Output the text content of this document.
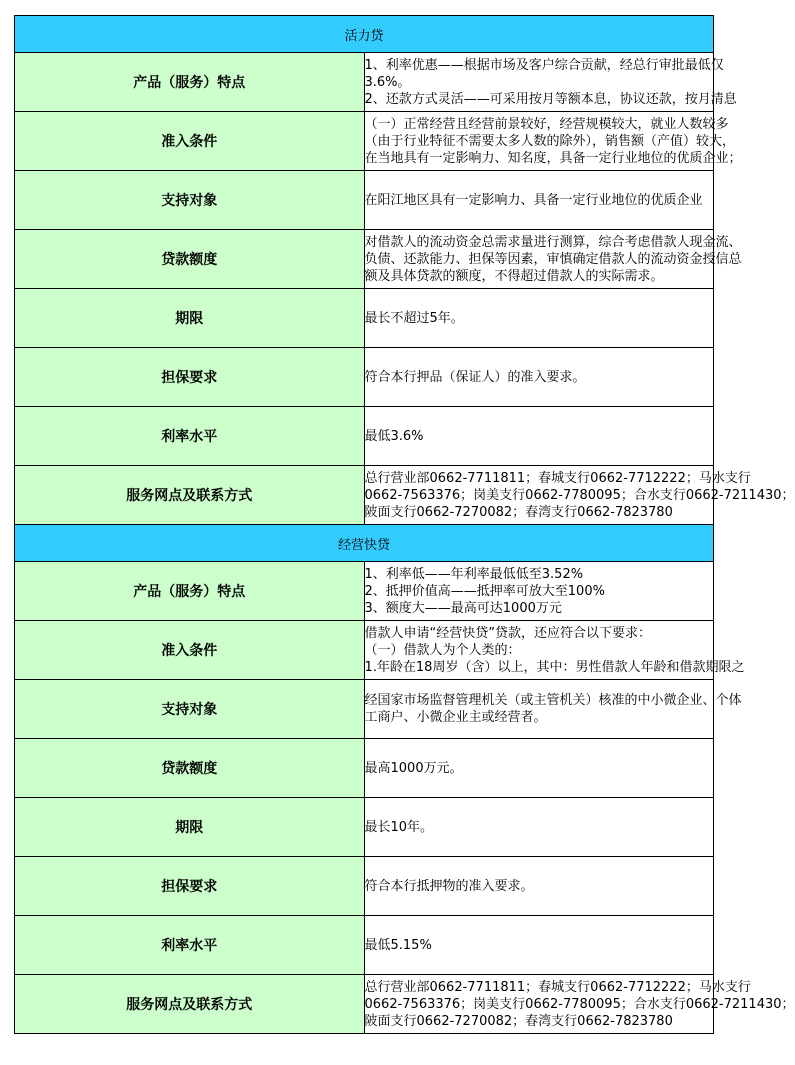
活力贷	
产品（服务）特点	1、利率优惠——根据市场及客户综合贡献，经总行审批最低仅
3.6%。
2、还款方式灵活——可采用按月等额本息，协议还款，按月清息

准入条件	（一）正常经营且经营前景较好，经营规模较大，就业人数较多
（由于行业特征不需要太多人数的除外），销售额（产值）较大，
在当地具有一定影响力、知名度，具备一定行业地位的优质企业；

支持对象	在阳江地区具有一定影响力、具备一定行业地位的优质企业

贷款额度	对借款人的流动资金总需求量进行测算，综合考虑借款人现金流、
负债、还款能力、担保等因素，审慎确定借款人的流动资金授信总
额及具体贷款的额度，不得超过借款人的实际需求。

期限	最长不超过5年。

担保要求	符合本行押品（保证人）的准入要求。

利率水平	最低3.6%

服务网点及联系方式	总行营业部0662-7711811；春城支行0662-7712222；马水支行
0662-7563376；岗美支行0662-7780095；合水支行0662-7211430；
陂面支行0662-7270082；春湾支行0662-7823780

经营快贷	
产品（服务）特点	1、利率低——年利率最低低至3.52%
2、抵押价值高——抵押率可放大至100%
3、额度大——最高可达1000万元

准入条件	借款人申请“经营快贷”贷款，还应符合以下要求：
（一）借款人为个人类的：
1.年龄在18周岁（含）以上，其中：男性借款人年龄和借款期限之

支持对象	经国家市场监督管理机关（或主管机关）核准的中小微企业、个体
工商户、小微企业主或经营者。

贷款额度	最高1000万元。

期限	最长10年。

担保要求	符合本行抵押物的准入要求。

利率水平	最低5.15%

服务网点及联系方式	总行营业部0662-7711811；春城支行0662-7712222；马水支行
0662-7563376；岗美支行0662-7780095；合水支行0662-7211430；
陂面支行0662-7270082；春湾支行0662-7823780
